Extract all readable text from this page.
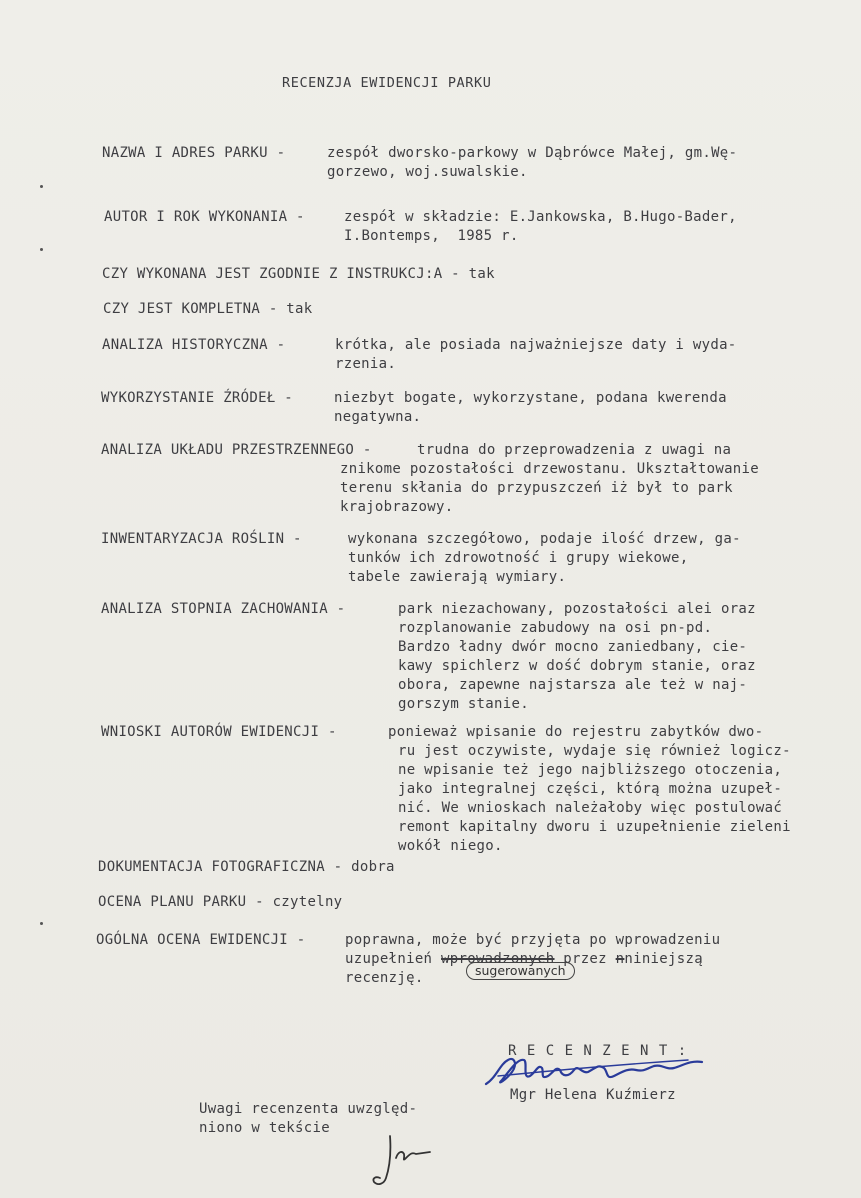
RECENZJA EWIDENCJI PARKU

NAZWA I ADRES PARKU -	zespół dworsko-parkowy w Dąbrówce Małej, gm.Wę-

gorzewo, woj.suwalskie.

AUTOR I ROK WYKONANIA -	zespół w składzie: E.Jankowska, B.Hugo-Bader,

I.Bontemps,  1985 r.

CZY WYKONANA JEST ZGODNIE Z INSTRUKCJ:A - tak

CZY JEST KOMPLETNA - tak

ANALIZA HISTORYCZNA -	krótka, ale posiada najważniejsze daty i wyda-

rzenia.

WYKORZYSTANIE ŹRÓDEŁ -	niezbyt bogate, wykorzystane, podana kwerenda

negatywna.

ANALIZA UKŁADU PRZESTRZENNEGO -	trudna do przeprowadzenia z uwagi na

znikome pozostałości drzewostanu. Ukształtowanie

terenu skłania do przypuszczeń iż był to park

krajobrazowy.

INWENTARYZACJA ROŚLIN -	wykonana szczegółowo, podaje ilość drzew, ga-

tunków ich zdrowotność i grupy wiekowe,

tabele zawierają wymiary.

ANALIZA STOPNIA ZACHOWANIA -	park niezachowany, pozostałości alei oraz

rozplanowanie zabudowy na osi pn-pd.

Bardzo ładny dwór mocno zaniedbany, cie-

kawy spichlerz w dość dobrym stanie, oraz

obora, zapewne najstarsza ale też w naj-

gorszym stanie.

WNIOSKI AUTORÓW EWIDENCJI -	ponieważ wpisanie do rejestru zabytków dwo-

ru jest oczywiste, wydaje się również logicz-

ne wpisanie też jego najbliższego otoczenia,

jako integralnej części, którą można uzupeł-

nić. We wnioskach należałoby więc postulować

remont kapitalny dworu i uzupełnienie zieleni

wokół niego.

DOKUMENTACJA FOTOGRAFICZNA - dobra

OCENA PLANU PARKU - czytelny

OGÓLNA OCENA EWIDENCJI -	poprawna, może być przyjęta po wprowadzeniu

uzupełnień wprowadzonych przez nniniejszą

recenzję.	sugerowanych

R E C E N Z E N T :

Mgr Helena Kuźmierz

Uwagi recenzenta uwzględ-

niono w tekście
